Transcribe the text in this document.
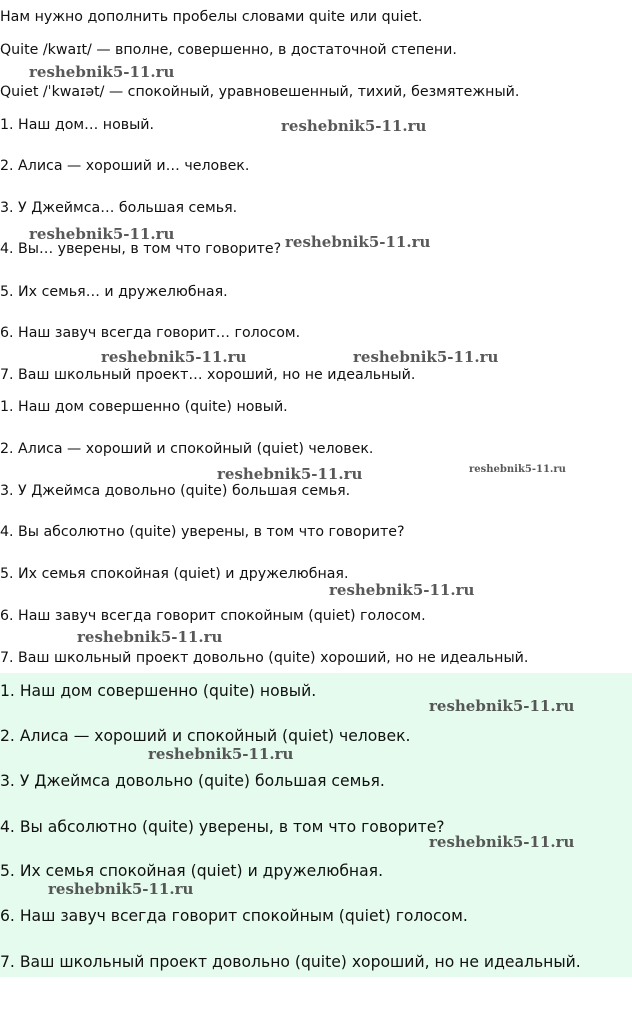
Нам нужно дополнить пробелы словами quite или quiet.
Quite /kwaɪt/ — вполне, совершенно, в достаточной степени.
Quiet /ˈkwaɪət/ — спокойный, уравновешенный, тихий, безмятежный.
1. Наш дом… новый.
2. Алиса — хороший и… человек.
3. У Джеймса… большая семья.
4. Вы… уверены, в том что говорите?
5. Их семья… и дружелюбная.
6. Наш завуч всегда говорит… голосом.
7. Ваш школьный проект… хороший, но не идеальный.
1. Наш дом совершенно (quite) новый.
2. Алиса — хороший и спокойный (quiet) человек.
3. У Джеймса довольно (quite) большая семья.
4. Вы абсолютно (quite) уверены, в том что говорите?
5. Их семья спокойная (quiet) и дружелюбная.
6. Наш завуч всегда говорит спокойным (quiet) голосом.
7. Ваш школьный проект довольно (quite) хороший, но не идеальный.
1. Наш дом совершенно (quite) новый.
2. Алиса — хороший и спокойный (quiet) человек.
3. У Джеймса довольно (quite) большая семья.
4. Вы абсолютно (quite) уверены, в том что говорите?
5. Их семья спокойная (quiet) и дружелюбная.
6. Наш завуч всегда говорит спокойным (quiet) голосом.
7. Ваш школьный проект довольно (quite) хороший, но не идеальный.
reshebnik5-11.ru
reshebnik5-11.ru
reshebnik5-11.ru	reshebnik5-11.ru
reshebnik5-11.ru	reshebnik5-11.ru
reshebnik5-11.ru	reshebnik5-11.ru
reshebnik5-11.ru
reshebnik5-11.ru
reshebnik5-11.ru
reshebnik5-11.ru
reshebnik5-11.ru
reshebnik5-11.ru
